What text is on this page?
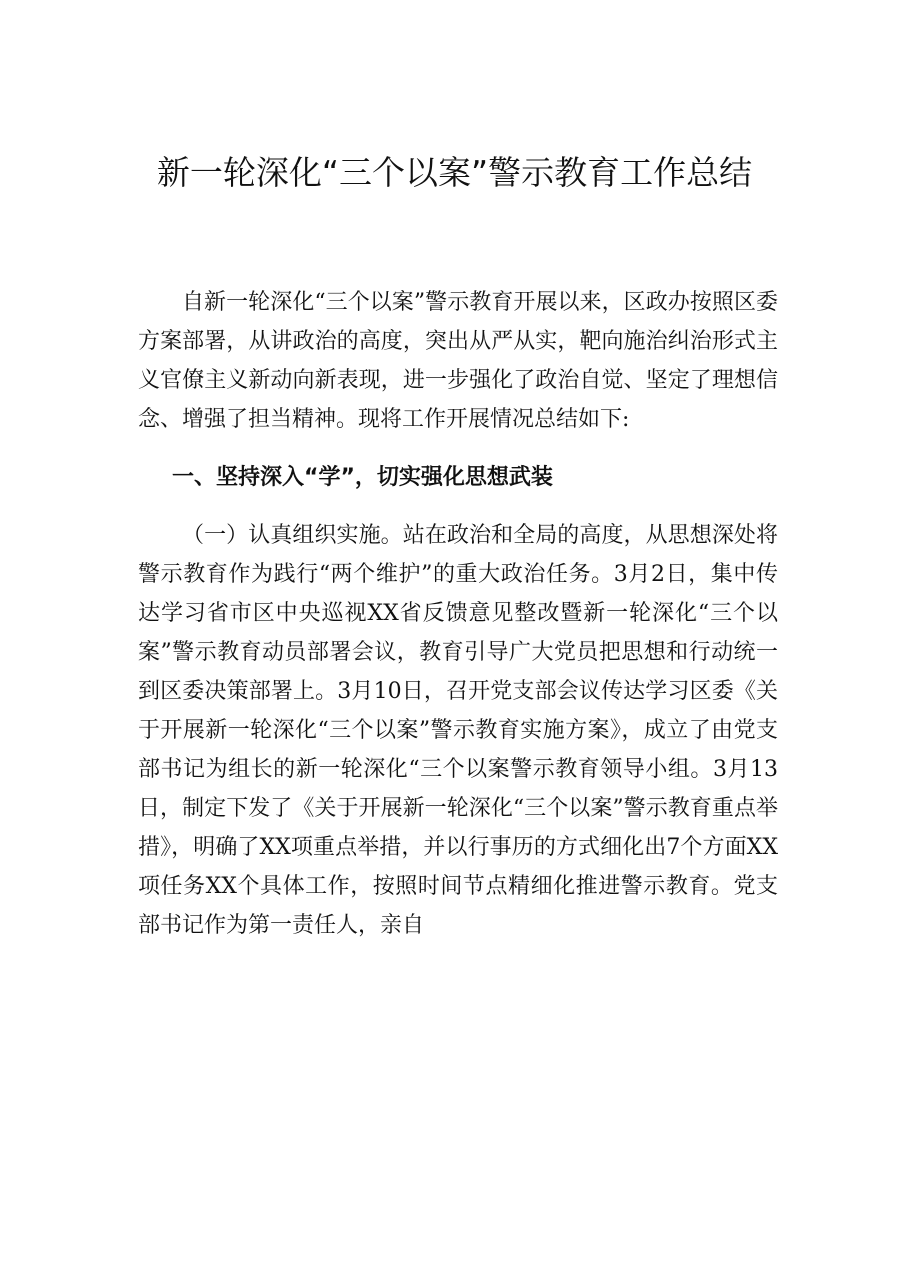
新一轮深化“三个以案”警示教育工作总结

自新一轮深化“三个以案”警示教育开展以来，区政办按照区委方案部署，从讲政治的高度，突出从严从实，靶向施治纠治形式主义官僚主义新动向新表现，进一步强化了政治自觉、坚定了理想信念、增强了担当精神。现将工作开展情况总结如下:

一、坚持深入“学”，切实强化思想武装

（一）认真组织实施。站在政治和全局的高度，从思想深处将警示教育作为践行“两个维护”的重大政治任务。3月2日，集中传达学习省市区中央巡视XX省反馈意见整改暨新一轮深化“三个以案”警示教育动员部署会议，教育引导广大党员把思想和行动统一到区委决策部署上。3月10日，召开党支部会议传达学习区委《关于开展新一轮深化“三个以案”警示教育实施方案》，成立了由党支部书记为组长的新一轮深化“三个以案警示教育领导小组。3月13日，制定下发了《关于开展新一轮深化“三个以案”警示教育重点举措》，明确了XX项重点举措，并以行事历的方式细化出7个方面XX项任务XX个具体工作，按照时间节点精细化推进警示教育。党支部书记作为第一责任人，亲自
